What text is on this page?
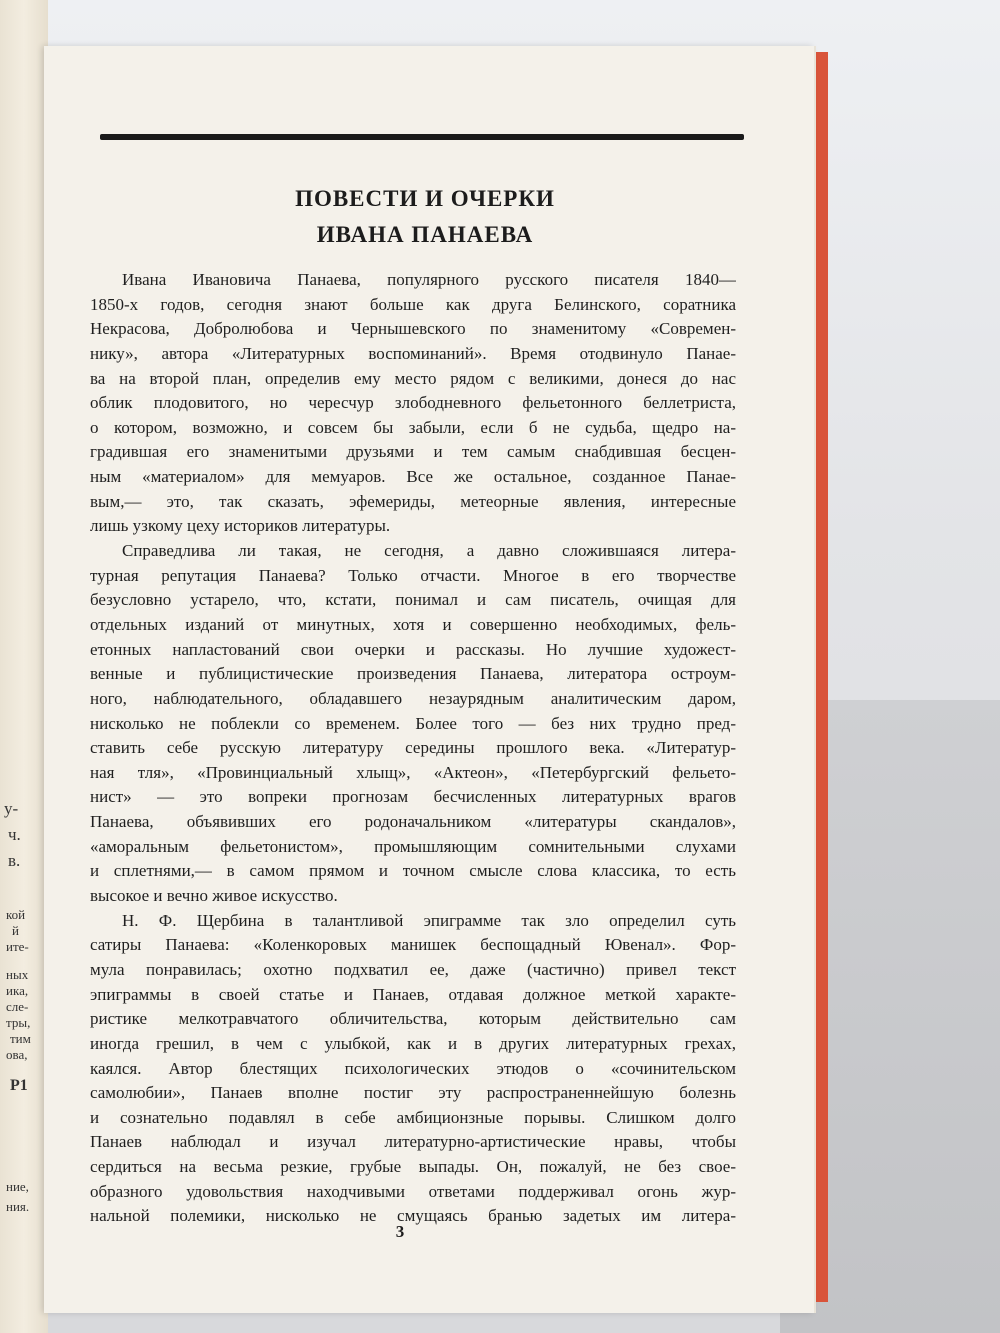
у-
ч.
в.
кой
й
ите-
ных
ика,
сле-
тры,
тим
ова,
Р1
ние,
ния.
ПОВЕСТИ И ОЧЕРКИ
ИВАНА ПАНАЕВА
Ивана Ивановича Панаева, популярного русского писателя 1840—
1850-х годов, сегодня знают больше как друга Белинского, соратника
Некрасова, Добролюбова и Чернышевского по знаменитому «Современ-
нику», автора «Литературных воспоминаний». Время отодвинуло Панае-
ва на второй план, определив ему место рядом с великими, донеся до нас
облик плодовитого, но чересчур злободневного фельетонного беллетриста,
о котором, возможно, и совсем бы забыли, если б не судьба, щедро на-
градившая его знаменитыми друзьями и тем самым снабдившая бесцен-
ным «материалом» для мемуаров. Все же остальное, созданное Панае-
вым,— это, так сказать, эфемериды, метеорные явления, интересные
лишь узкому цеху историков литературы.
Справедлива ли такая, не сегодня, а давно сложившаяся литера-
турная репутация Панаева? Только отчасти. Многое в его творчестве
безусловно устарело, что, кстати, понимал и сам писатель, очищая для
отдельных изданий от минутных, хотя и совершенно необходимых, фель-
етонных напластований свои очерки и рассказы. Но лучшие художест-
венные и публицистические произведения Панаева, литератора остроум-
ного, наблюдательного, обладавшего незаурядным аналитическим даром,
нисколько не поблекли со временем. Более того — без них трудно пред-
ставить себе русскую литературу середины прошлого века. «Литератур-
ная тля», «Провинциальный хлыщ», «Актеон», «Петербургский фельето-
нист» — это вопреки прогнозам бесчисленных литературных врагов
Панаева, объявивших его родоначальником «литературы скандалов»,
«аморальным фельетонистом», промышляющим сомнительными слухами
и сплетнями,— в самом прямом и точном смысле слова классика, то есть
высокое и вечно живое искусство.
Н. Ф. Щербина в талантливой эпиграмме так зло определил суть
сатиры Панаева: «Коленкоровых манишек беспощадный Ювенал». Фор-
мула понравилась; охотно подхватил ее, даже (частично) привел текст
эпиграммы в своей статье и Панаев, отдавая должное меткой характе-
ристике мелкотравчатого обличительства, которым действительно сам
иногда грешил, в чем с улыбкой, как и в других литературных грехах,
каялся. Автор блестящих психологических этюдов о «сочинительском
самолюбии», Панаев вполне постиг эту распространеннейшую болезнь
и сознательно подавлял в себе амбиционзные порывы. Слишком долго
Панаев наблюдал и изучал литературно-артистические нравы, чтобы
сердиться на весьма резкие, грубые выпады. Он, пожалуй, не без свое-
образного удовольствия находчивыми ответами поддерживал огонь жур-
нальной полемики, нисколько не смущаясь бранью задетых им литера-
3
